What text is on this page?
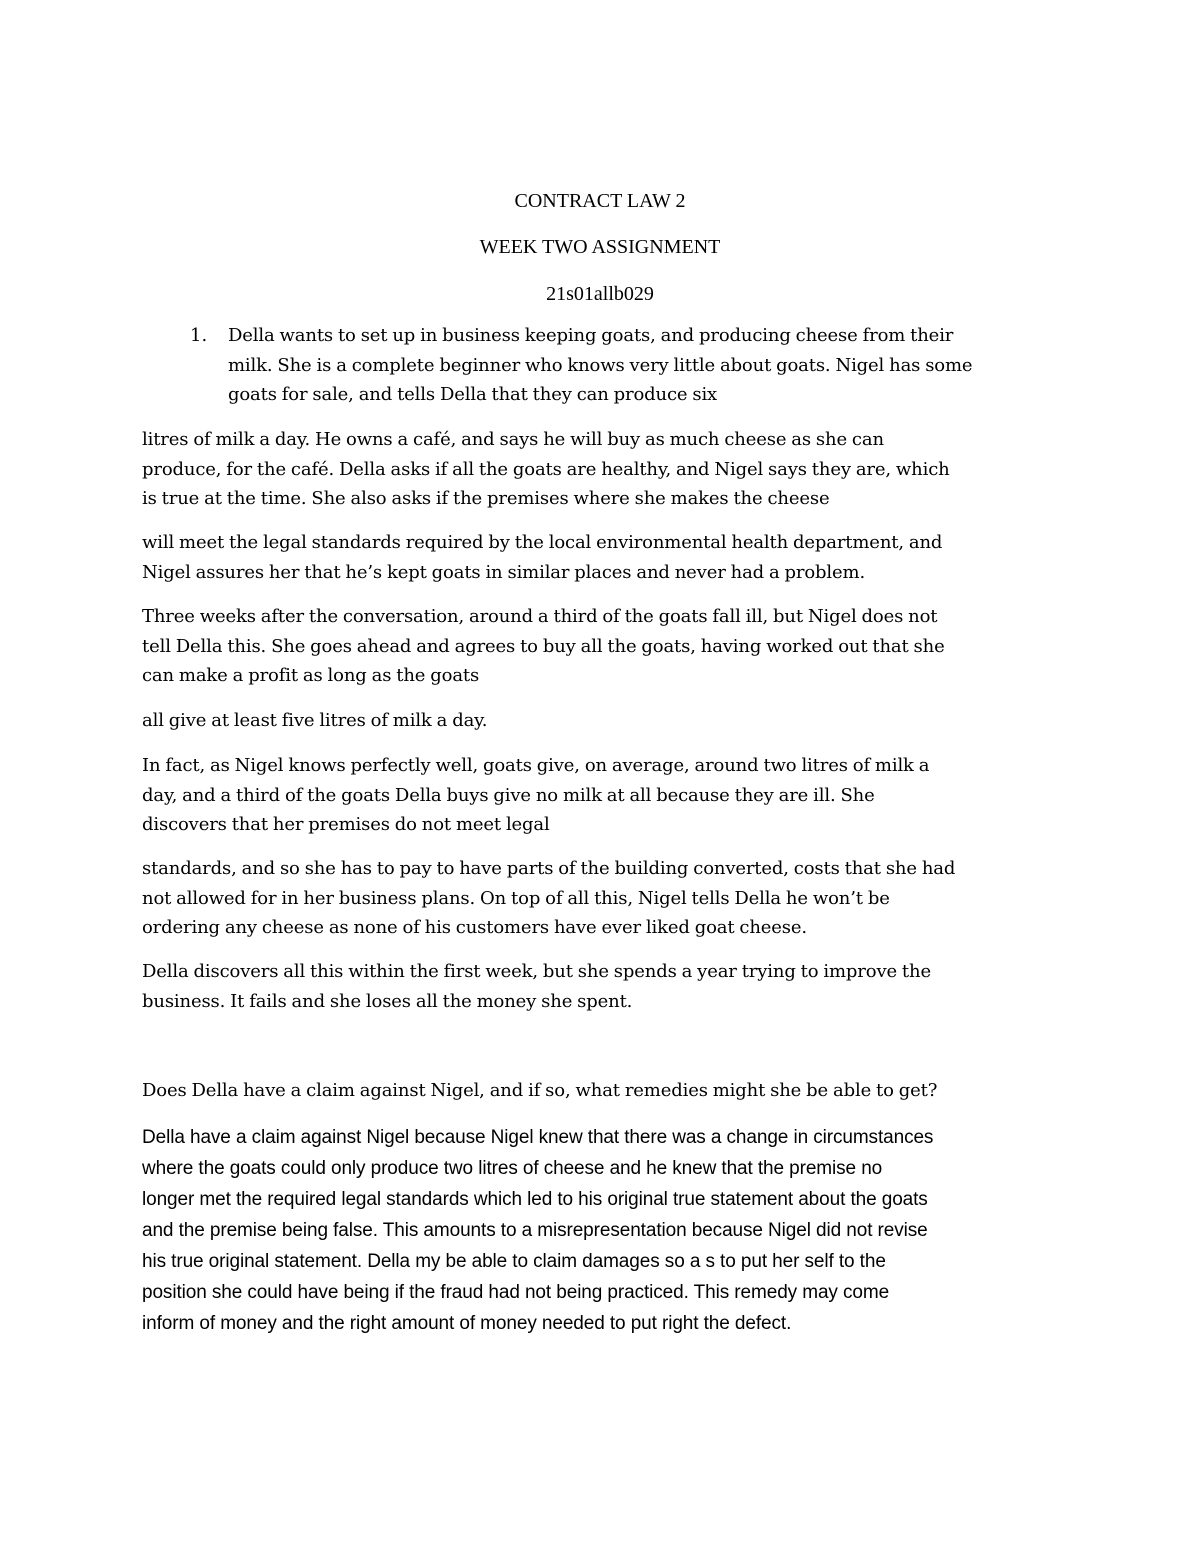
CONTRACT LAW 2
WEEK TWO ASSIGNMENT
21s01allb029
1. Della wants to set up in business keeping goats, and producing cheese from their
milk. She is a complete beginner who knows very little about goats. Nigel has some
goats for sale, and tells Della that they can produce six
litres of milk a day. He owns a café, and says he will buy as much cheese as she can
produce, for the café. Della asks if all the goats are healthy, and Nigel says they are, which
is true at the time. She also asks if the premises where she makes the cheese
will meet the legal standards required by the local environmental health department, and
Nigel assures her that he’s kept goats in similar places and never had a problem.
Three weeks after the conversation, around a third of the goats fall ill, but Nigel does not
tell Della this. She goes ahead and agrees to buy all the goats, having worked out that she
can make a profit as long as the goats
all give at least five litres of milk a day.
In fact, as Nigel knows perfectly well, goats give, on average, around two litres of milk a
day, and a third of the goats Della buys give no milk at all because they are ill. She
discovers that her premises do not meet legal
standards, and so she has to pay to have parts of the building converted, costs that she had
not allowed for in her business plans. On top of all this, Nigel tells Della he won’t be
ordering any cheese as none of his customers have ever liked goat cheese.
Della discovers all this within the first week, but she spends a year trying to improve the
business. It fails and she loses all the money she spent.
Does Della have a claim against Nigel, and if so, what remedies might she be able to get?
Della have a claim against Nigel because Nigel knew that there was a change in circumstances
where the goats could only produce two litres of cheese and he knew that the premise no
longer met the required legal standards which led to his original true statement about the goats
and the premise being false. This amounts to a misrepresentation because Nigel did not revise
his true original statement. Della my be able to claim damages so a s to put her self to the
position she could have being if the fraud had not being practiced. This remedy may come
inform of money and the right amount of money needed to put right the defect.
